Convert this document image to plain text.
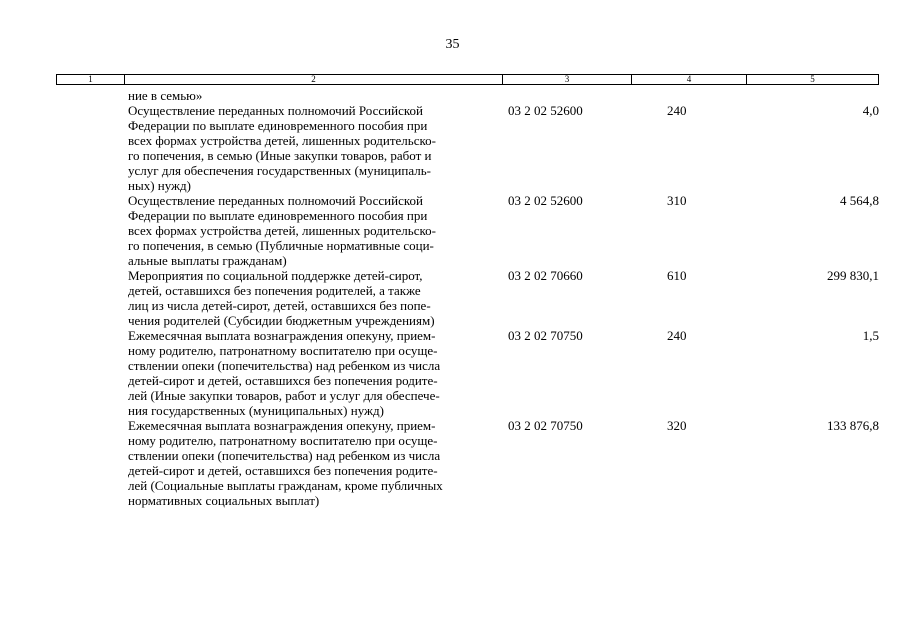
35
1	2	3	4	5
ние в семью»
Осуществление переданных полномочий Российской
Федерации по выплате единовременного пособия при
всех формах устройства детей, лишенных родительско-
го попечения, в семью (Иные закупки товаров, работ и
услуг для обеспечения государственных (муниципаль-
ных) нужд)
03 2 02 52600	240	4,0
Осуществление переданных полномочий Российской
Федерации по выплате единовременного пособия при
всех формах устройства детей, лишенных родительско-
го попечения, в семью (Публичные нормативные соци-
альные выплаты гражданам)
03 2 02 52600	310	4 564,8
Мероприятия по социальной поддержке детей-сирот,
детей, оставшихся без попечения родителей, а также
лиц из числа детей-сирот, детей, оставшихся без попе-
чения родителей (Субсидии бюджетным учреждениям)
03 2 02 70660	610	299 830,1
Ежемесячная выплата вознаграждения опекуну, прием-
ному родителю, патронатному воспитателю при осуще-
ствлении опеки (попечительства) над ребенком из числа
детей-сирот и детей, оставшихся без попечения родите-
лей (Иные закупки товаров, работ и услуг для обеспече-
ния государственных (муниципальных) нужд)
03 2 02 70750	240	1,5
Ежемесячная выплата вознаграждения опекуну, прием-
ному родителю, патронатному воспитателю при осуще-
ствлении опеки (попечительства) над ребенком из числа
детей-сирот и детей, оставшихся без попечения родите-
лей (Социальные выплаты гражданам, кроме публичных
нормативных социальных выплат)
03 2 02 70750	320	133 876,8
